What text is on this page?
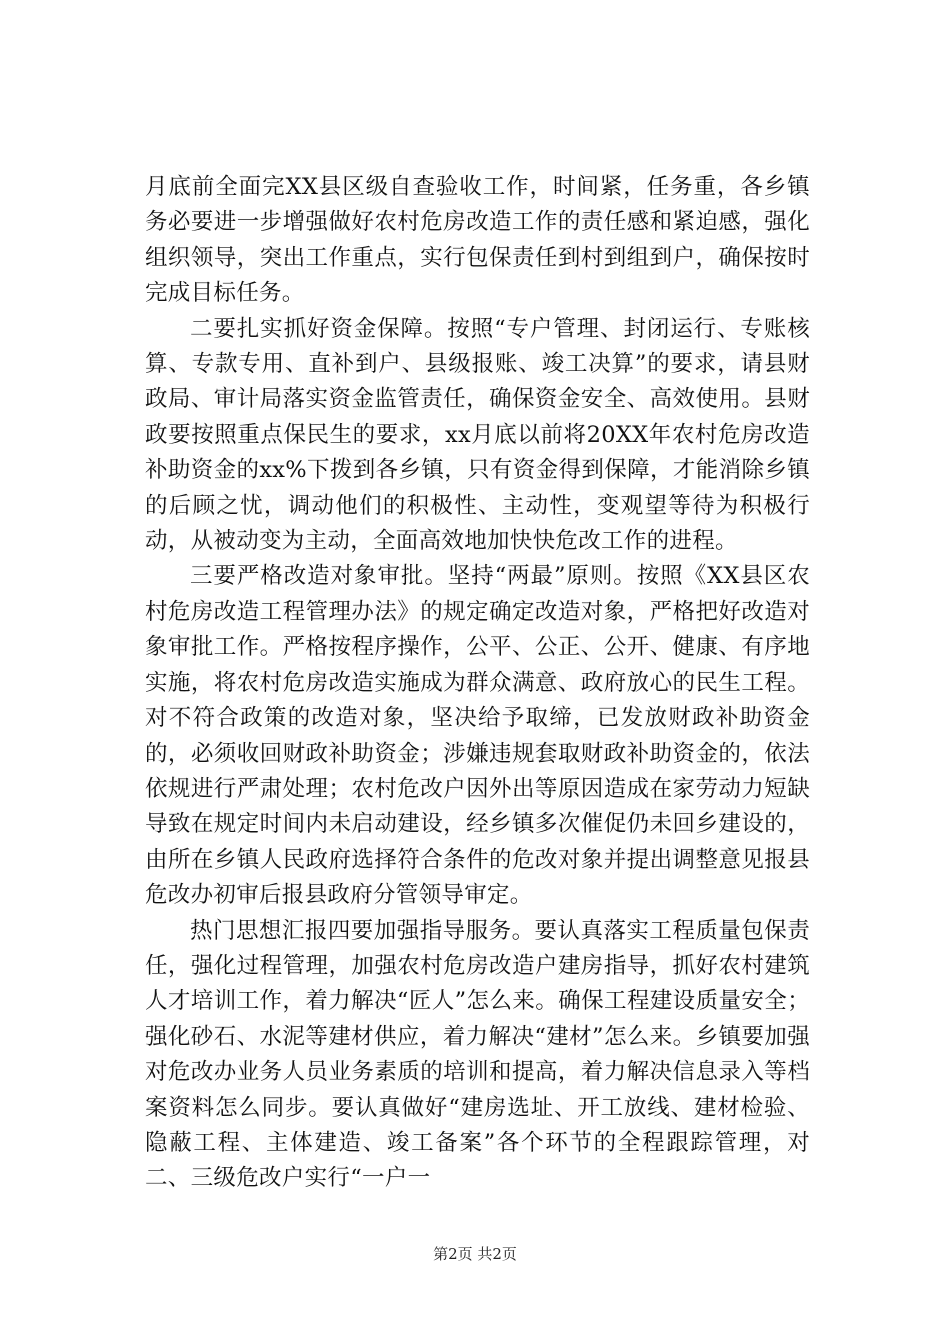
月底前全面完XX县区级自查验收工作，时间紧，任务重，各乡镇务必要进一步增强做好农村危房改造工作的责任感和紧迫感，强化组织领导，突出工作重点，实行包保责任到村到组到户，确保按时完成目标任务。

二要扎实抓好资金保障。按照“专户管理、封闭运行、专账核算、专款专用、直补到户、县级报账、竣工决算”的要求，请县财政局、审计局落实资金监管责任，确保资金安全、高效使用。县财政要按照重点保民生的要求，xx月底以前将20XX年农村危房改造补助资金的xx%下拨到各乡镇，只有资金得到保障，才能消除乡镇的后顾之忧，调动他们的积极性、主动性，变观望等待为积极行动，从被动变为主动，全面高效地加快快危改工作的进程。

三要严格改造对象审批。坚持“两最”原则。按照《XX县区农村危房改造工程管理办法》的规定确定改造对象，严格把好改造对象审批工作。严格按程序操作，公平、公正、公开、健康、有序地实施，将农村危房改造实施成为群众满意、政府放心的民生工程。对不符合政策的改造对象，坚决给予取缔，已发放财政补助资金的，必须收回财政补助资金；涉嫌违规套取财政补助资金的，依法依规进行严肃处理；农村危改户因外出等原因造成在家劳动力短缺导致在规定时间内未启动建设，经乡镇多次催促仍未回乡建设的，由所在乡镇人民政府选择符合条件的危改对象并提出调整意见报县危改办初审后报县政府分管领导审定。

热门思想汇报四要加强指导服务。要认真落实工程质量包保责任，强化过程管理，加强农村危房改造户建房指导，抓好农村建筑人才培训工作，着力解决“匠人”怎么来。确保工程建设质量安全；强化砂石、水泥等建材供应，着力解决“建材”怎么来。乡镇要加强对危改办业务人员业务素质的培训和提高，着力解决信息录入等档案资料怎么同步。要认真做好“建房选址、开工放线、建材检验、隐蔽工程、主体建造、竣工备案”各个环节的全程跟踪管理，对二、三级危改户实行“一户一

第2页 共2页
